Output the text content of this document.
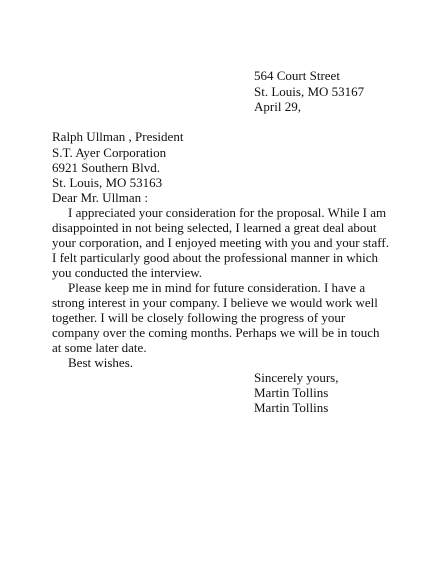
564 Court Street

St. Louis, MO 53167

April 29,

Ralph Ullman , President

S.T. Ayer Corporation

6921 Southern Blvd.

St. Louis, MO 53163

Dear Mr. Ullman :

I appreciated your consideration for the proposal. While I am

disappointed in not being selected, I learned a great deal about

your corporation, and I enjoyed meeting with you and your staff.

I felt particularly good about the professional manner in which

you conducted the interview.

Please keep me in mind for future consideration. I have a

strong interest in your company. I believe we would work well

together. I will be closely following the progress of your

company over the coming months. Perhaps we will be in touch

at some later date.

Best wishes.

Sincerely yours,

Martin Tollins

Martin Tollins
